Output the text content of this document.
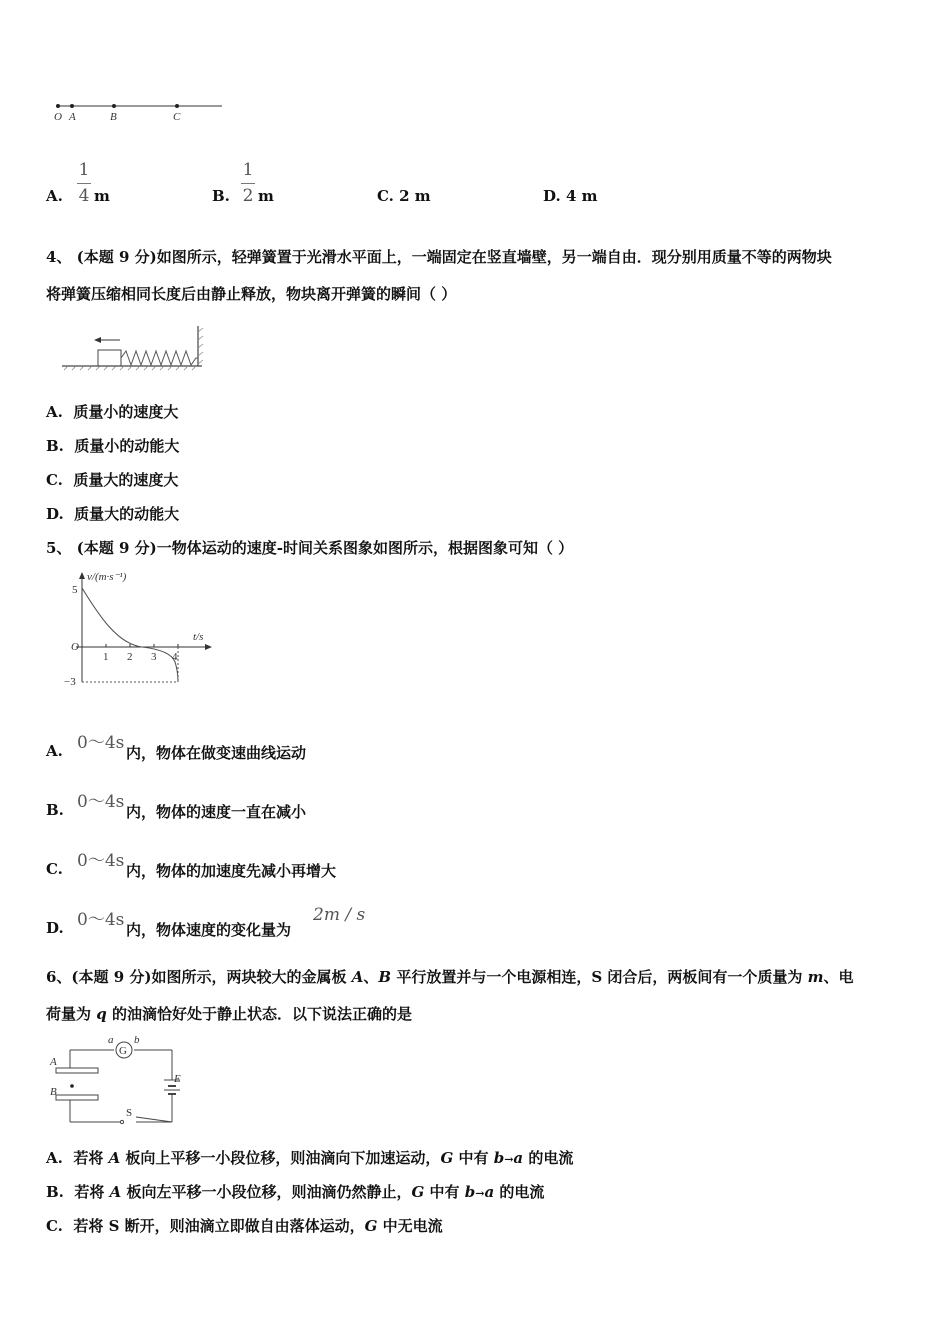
O A	B	C
A.
1
4 m	B.
1
2 m	C. 2 m	D. 4 m
4、 (本题 9 分)如图所示，轻弹簧置于光滑水平面上，一端固定在竖直墙壁，另一端自由．现分别用质量不等的两物块
将弹簧压缩相同长度后由静止释放，物块离开弹簧的瞬间（ ）
A. 质量小的速度大
B. 质量小的动能大
C. 质量大的速度大
D. 质量大的动能大
5、 (本题 9 分)一物体运动的速度-时间关系图象如图所示，根据图象可知（ ）
v/(m·s⁻¹)
t/s
O
5
−3
1 2 3 4
A. 0～4s 内，物体在做变速曲线运动
B. 0～4s 内，物体的速度一直在减小
C. 0～4s 内，物体的加速度先减小再增大
D. 0～4s 内，物体速度的变化量为
2m / s
6、(本题 9 分)如图所示，两块较大的金属板 A、B 平行放置并与一个电源相连，S 闭合后，两板间有一个质量为 m、电
荷量为 q 的油滴恰好处于静止状态．以下说法正确的是
G
a b
E
S
A
B
A. 若将 A 板向上平移一小段位移，则油滴向下加速运动，G 中有 b→a 的电流
B. 若将 A 板向左平移一小段位移，则油滴仍然静止，G 中有 b→a 的电流
C. 若将 S 断开，则油滴立即做自由落体运动，G 中无电流
